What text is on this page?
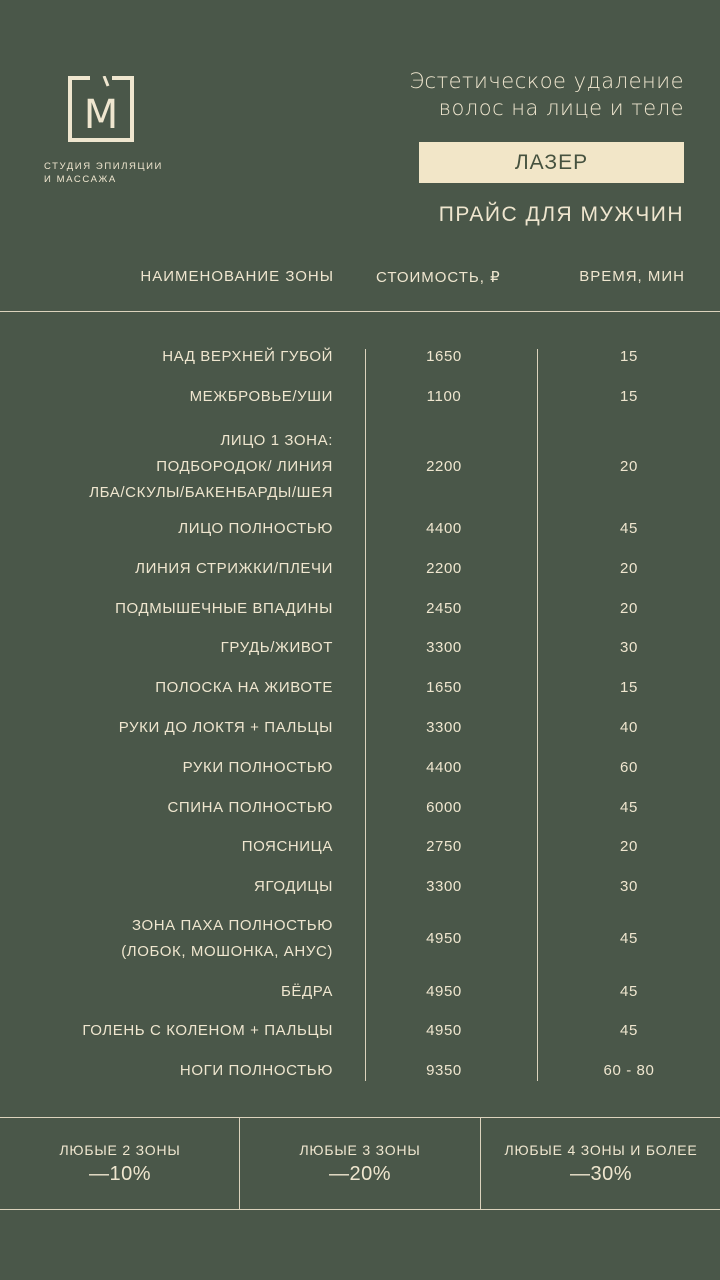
M
СТУДИЯ ЭПИЛЯЦИИ
И МАССАЖА
Эстетическое удаление
волос на лице и теле
ЛАЗЕР
ПРАЙС ДЛЯ МУЖЧИН
НАИМЕНОВАНИЕ ЗОНЫ	СТОИМОСТЬ, ₽	ВРЕМЯ, МИН
НАД ВЕРХНЕЙ ГУБОЙ	1650	15
МЕЖБРОВЬЕ/УШИ	1100	15
ЛИЦО 1 ЗОНА:
ПОДБОРОДОК/ ЛИНИЯ
ЛБА/СКУЛЫ/БАКЕНБАРДЫ/ШЕЯ
2200	20
ЛИЦО ПОЛНОСТЬЮ	4400	45
ЛИНИЯ СТРИЖКИ/ПЛЕЧИ	2200	20
ПОДМЫШЕЧНЫЕ ВПАДИНЫ	2450	20
ГРУДЬ/ЖИВОТ	3300	30
ПОЛОСКА НА ЖИВОТЕ	1650	15
РУКИ ДО ЛОКТЯ + ПАЛЬЦЫ	3300	40
РУКИ ПОЛНОСТЬЮ	4400	60
СПИНА ПОЛНОСТЬЮ	6000	45
ПОЯСНИЦА	2750	20
ЯГОДИЦЫ	3300	30
ЗОНА ПАХА ПОЛНОСТЬЮ
(ЛОБОК, МОШОНКА, АНУС)
4950	45
БЁДРА	4950	45
ГОЛЕНЬ С КОЛЕНОМ + ПАЛЬЦЫ	4950	45
НОГИ ПОЛНОСТЬЮ	9350	60 - 80
ЛЮБЫЕ 2 ЗОНЫ
—10%
ЛЮБЫЕ 3 ЗОНЫ
—20%
ЛЮБЫЕ 4 ЗОНЫ И БОЛЕЕ
—30%
